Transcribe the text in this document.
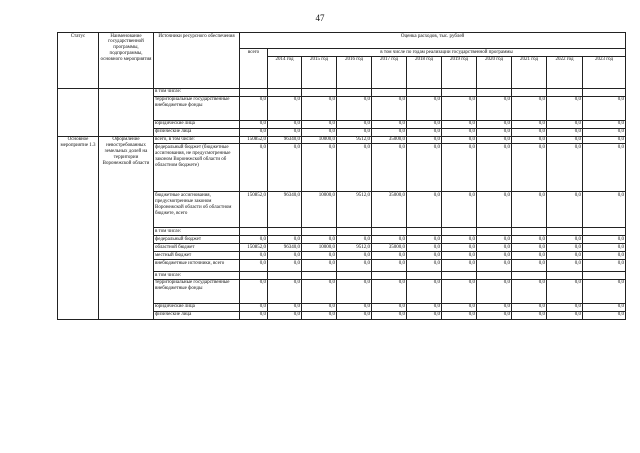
47
Статус	Наименование государственной программы, подпрограммы, основного мероприятия	Источники ресурсного обеспечения	Оценка расходов, тыс. рублей										
			всего	в том числе по годам реализации государственной программы									
				2014 год	2015 год	2016 год	2017 год	2018 год	2019 год	2020 год	2021 год	2022 год	2023 год
		в том числе:											
		территориальные государственные внебюджетные фонды	0,0	0,0	0,0	0,0	0,0	0,0	0,0	0,0	0,0	0,0	0,0
		юридические лица	0,0	0,0	0,0	0,0	0,0	0,0	0,0	0,0	0,0	0,0	0,0
		физические лица	0,0	0,0	0,0	0,0	0,0	0,0	0,0	0,0	0,0	0,0	0,0
Основное мероприятие 1.3	Оформление невостребованных земельных долей на территории Воронежской области	всего, в том числе:	150852,0	96340,0	10000,0	9512,0	35000,0	0,0	0,0	0,0	0,0	0,0	0,0
		федеральный бюджет (бюджетные ассигнования, не предусмотренные законом Воронежской области об областном бюджете)	0,0	0,0	0,0	0,0	0,0	0,0	0,0	0,0	0,0	0,0	0,0
		бюджетные ассигнования, предусмотренные законом Воронежской области об областном бюджете, всего	150852,0	96340,0	10000,0	9512,0	35000,0	0,0	0,0	0,0	0,0	0,0	0,0
		в том числе:											
		федеральный бюджет	0,0	0,0	0,0	0,0	0,0	0,0	0,0	0,0	0,0	0,0	0,0
		областной бюджет	150852,0	96340,0	10000,0	9512,0	35000,0	0,0	0,0	0,0	0,0	0,0	0,0
		местный бюджет	0,0	0,0	0,0	0,0	0,0	0,0	0,0	0,0	0,0	0,0	0,0
		внебюджетные источники, всего	0,0	0,0	0,0	0,0	0,0	0,0	0,0	0,0	0,0	0,0	0,0
		в том числе:											
		территориальные государственные внебюджетные фонды	0,0	0,0	0,0	0,0	0,0	0,0	0,0	0,0	0,0	0,0	0,0
		юридические лица	0,0	0,0	0,0	0,0	0,0	0,0	0,0	0,0	0,0	0,0	0,0
		физические лица	0,0	0,0	0,0	0,0	0,0	0,0	0,0	0,0	0,0	0,0	0,0
